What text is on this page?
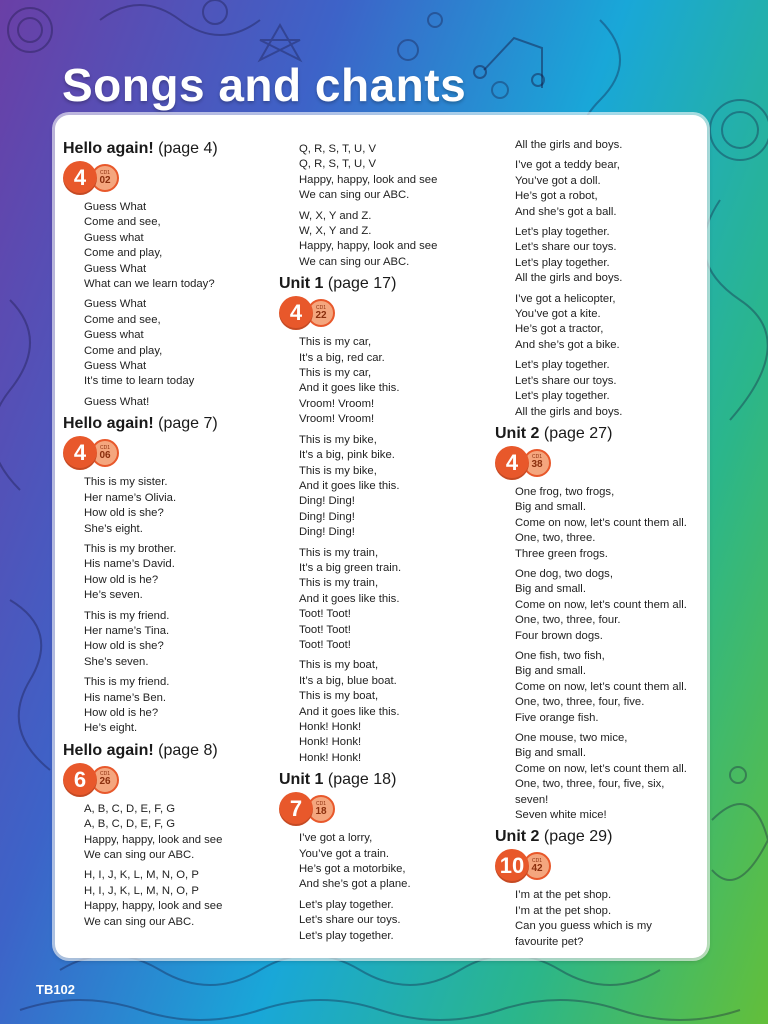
Songs and chants
Hello again! (page 4)
4	CD1
02
Guess What
Come and see,
Guess what
Come and play,
Guess What
What can we learn today?
Guess What
Come and see,
Guess what
Come and play,
Guess What
It’s time to learn today
Guess What!
Hello again! (page 7)
4	CD1
06
This is my sister.
Her name’s Olivia.
How old is she?
She’s eight.
This is my brother.
His name’s David.
How old is he?
He’s seven.
This is my friend.
Her name’s Tina.
How old is she?
She’s seven.
This is my friend.
His name’s Ben.
How old is he?
He’s eight.
Hello again! (page 8)
6	CD1
26
A, B, C, D, E, F, G
A, B, C, D, E, F, G
Happy, happy, look and see
We can sing our ABC.
H, I, J, K, L, M, N, O, P
H, I, J, K, L, M, N, O, P
Happy, happy, look and see
We can sing our ABC.
Q, R, S, T, U, V
Q, R, S, T, U, V
Happy, happy, look and see
We can sing our ABC.
W, X, Y and Z.
W, X, Y and Z.
Happy, happy, look and see
We can sing our ABC.
Unit 1 (page 17)
4	CD1
22
This is my car,
It’s a big, red car.
This is my car,
And it goes like this.
Vroom! Vroom!
Vroom! Vroom!
This is my bike,
It’s a big, pink bike.
This is my bike,
And it goes like this.
Ding! Ding!
Ding! Ding!
Ding! Ding!
This is my train,
It’s a big green train.
This is my train,
And it goes like this.
Toot! Toot!
Toot! Toot!
Toot! Toot!
This is my boat,
It’s a big, blue boat.
This is my boat,
And it goes like this.
Honk! Honk!
Honk! Honk!
Honk! Honk!
Unit 1 (page 18)
7	CD1
18
I’ve got a lorry,
You’ve got a train.
He’s got a motorbike,
And she’s got a plane.
Let’s play together.
Let’s share our toys.
Let’s play together.
All the girls and boys.
I’ve got a teddy bear,
You’ve got a doll.
He’s got a robot,
And she’s got a ball.
Let’s play together.
Let’s share our toys.
Let’s play together.
All the girls and boys.
I’ve got a helicopter,
You’ve got a kite.
He’s got a tractor,
And she’s got a bike.
Let’s play together.
Let’s share our toys.
Let’s play together.
All the girls and boys.
Unit 2 (page 27)
4	CD1
38
One frog, two frogs,
Big and small.
Come on now, let’s count them all.
One, two, three.
Three green frogs.
One dog, two dogs,
Big and small.
Come on now, let’s count them all.
One, two, three, four.
Four brown dogs.
One fish, two fish,
Big and small.
Come on now, let’s count them all.
One, two, three, four, five.
Five orange fish.
One mouse, two mice,
Big and small.
Come on now, let’s count them all.
One, two, three, four, five, six,
seven!
Seven white mice!
Unit 2 (page 29)
10	CD1
42
I’m at the pet shop.
I’m at the pet shop.
Can you guess which is my
favourite pet?
TB102
